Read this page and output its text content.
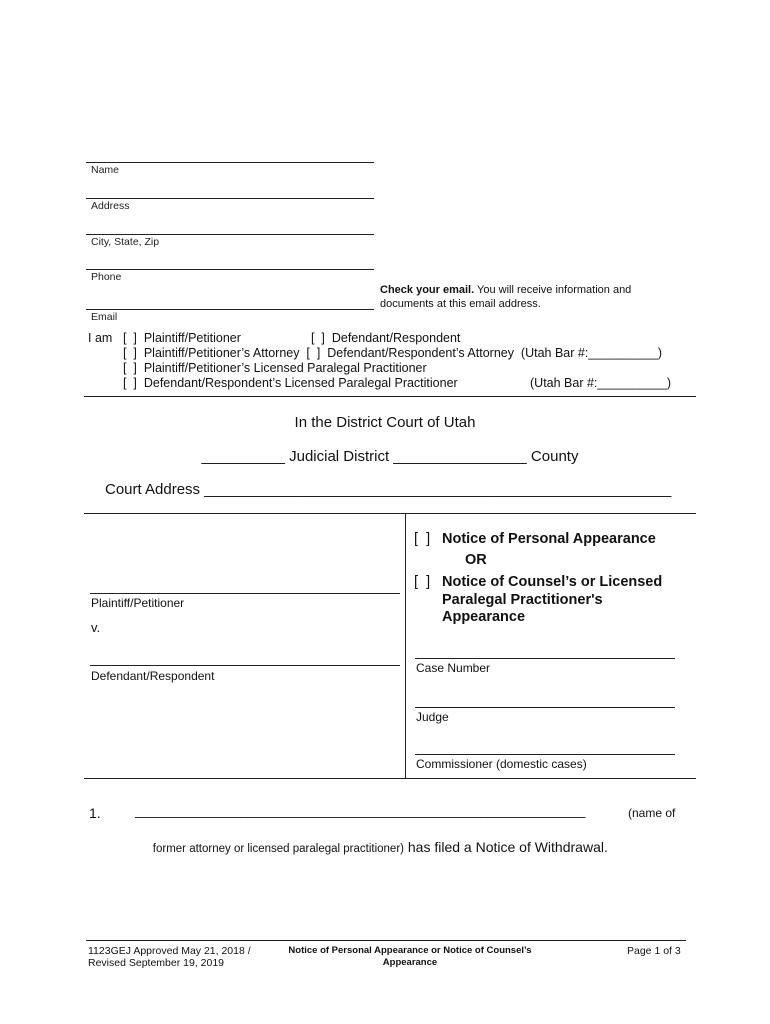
Name
Address
City, State, Zip
Phone
Email
Check your email. You will receive information and
documents at this email address.
I am [  ]  Plaintiff/Petitioner	[  ]  Defendant/Respondent
[  ]  Plaintiff/Petitioner’s Attorney  [  ]  Defendant/Respondent’s Attorney  (Utah Bar #:__________)
[  ]  Plaintiff/Petitioner’s Licensed Paralegal Practitioner
[  ]  Defendant/Respondent’s Licensed Paralegal Practitioner	(Utah Bar #:__________)
In the District Court of Utah
__________ Judicial District ________________ County
Court Address ________________________________________________________
Plaintiff/Petitioner
v.
Defendant/Respondent
[  ] Notice of Personal Appearance
OR
[  ] Notice of Counsel’s or Licensed
Paralegal Practitioner's
Appearance
Case Number
Judge
Commissioner (domestic cases)
1.	____________________________________________________________	(name of

former attorney or licensed paralegal practitioner) has filed a Notice of Withdrawal.

1123GEJ Approved May 21, 2018 /
Revised September 19, 2019
Notice of Personal Appearance or Notice of Counsel’s
Appearance
Page 1 of 3
